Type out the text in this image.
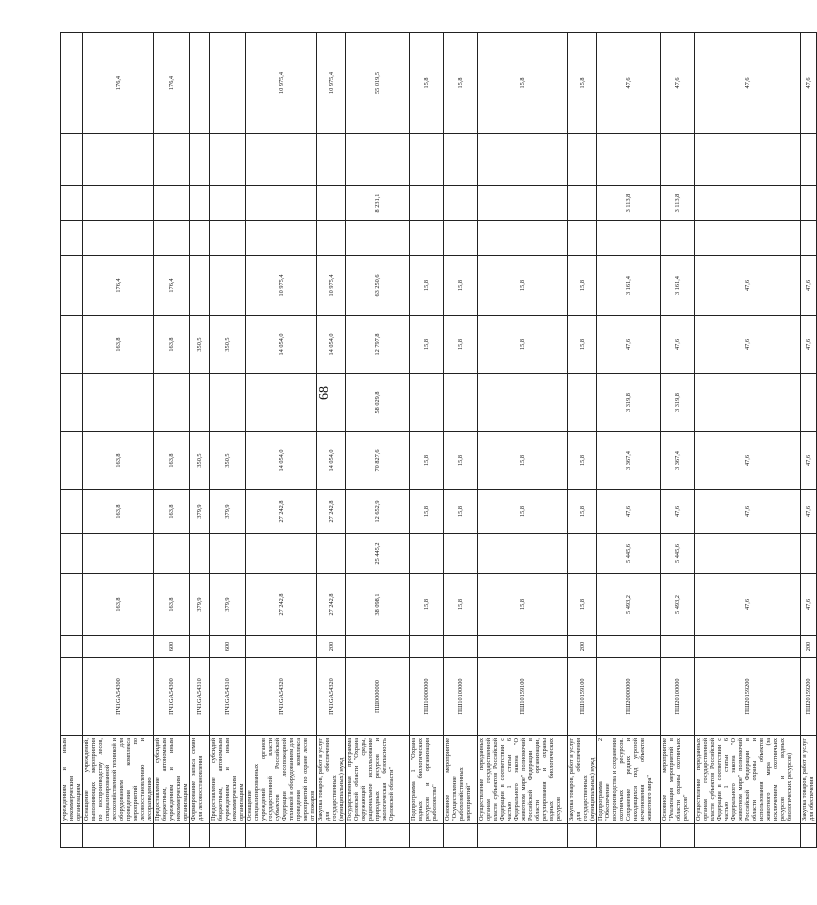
68
	учреждениям и иным некоммерческим организациям													
	Оснащение учреждений, выполняющих мероприятия по воспроизводству лесов, специализированной лесохозяйственной техникой и оборудованием для проведения комплекса мероприятий по лесовосстановлению и лесоразведению	ПЧ1GA54300		163,8		163,8	163,8		163,8	176,4				176,4
	Предоставление субсидий бюджетным, автономным учреждениям и иным некоммерческим организациям	ПЧ1GA54300	600	163,8		163,8	163,8		163,8	176,4				176,4
	Формирование запаса семян для лесовосстановления	ПЧ1GA54310		379,9		379,9	350,5		350,5					
	Предоставление субсидий бюджетным, автономным учреждениям и иным некоммерческим организациям	ПЧ1GA54310	600	379,9		379,9	350,5		350,5					
	Оснащение специализированных учреждений органов государственной власти субъектов Российской Федерации лесопожарной техникой и оборудованием для проведения комплекса мероприятий по охране лесов от пожаров	ПЧ1GA54320		27 242,8		27 242,8	14 054,0		14 054,0	10 975,4				10 975,4
	Закупка товаров, работ и услуг для обеспечения государственных (муниципальных) нужд	ПЧ1GA54320	200	27 242,8		27 242,8	14 054,0		14 054,0	10 975,4				10 975,4
	Государственная программа Орловской области "Охрана окружающей среды, рациональное использование природных ресурсов и экологическая безопасность Орловской области"	ПШ0000000		38 098,1	25 445,2	12 652,9	70 827,6	58 029,8	12 797,8	63 250,6		8 231,1		55 019,5
	Подпрограмма 1 "Охрана водных биологических ресурсов и организация рыболовства"	ПШ10000000		15,8		15,8	15,8		15,8	15,8				15,8
	Основное мероприятие "Осуществление рыбохозяйственных мероприятий"	ПШ10100000		15,8		15,8	15,8		15,8	15,8				15,8
	Осуществление переданных органам государственной власти субъектов Российской Федерации в соответствии с частью 1 статьи 6 Федерального закона "О животном мире" полномочий Российской Федерации в области организации, регулирования и охраны водных биологических ресурсов	ПШ10159100		15,8		15,8	15,8		15,8	15,8				15,8
	Закупка товаров, работ и услуг для обеспечения государственных (муниципальных) нужд	ПШ10159100	200	15,8		15,8	15,8		15,8	15,8				15,8
	Подпрограмма 2 "Обеспечение воспроизводства и сохранения охотничьих ресурсов. Сохранение редких и находящихся под угрозой исчезновения объектов животного мира"	ПШ20000000		5 493,2	5 445,6	47,6	3 367,4	3 319,8	47,6	3 161,4		3 113,8		47,6
	Основное мероприятие "Реализация мероприятий в области охраны охотничьих ресурсов"	ПШ20100000		5 493,2	5 445,6	47,6	3 367,4	3 319,8	47,6	3 161,4		3 113,8		47,6
	Осуществление переданных органам государственной власти субъектов Российской Федерации в соответствии с частью 1 статьи 6 Федерального закона "О животном мире" полномочий Российской Федерации в области охраны и использования объектов животного мира (за исключением охотничьих ресурсов и водных биологических ресурсов)	ПШ20159200		47,6		47,6	47,6		47,6	47,6				47,6
	Закупка товаров, работ и услуг для обеспечения	ПШ20159200	200	47,6		47,6	47,6		47,6	47,6				47,6
